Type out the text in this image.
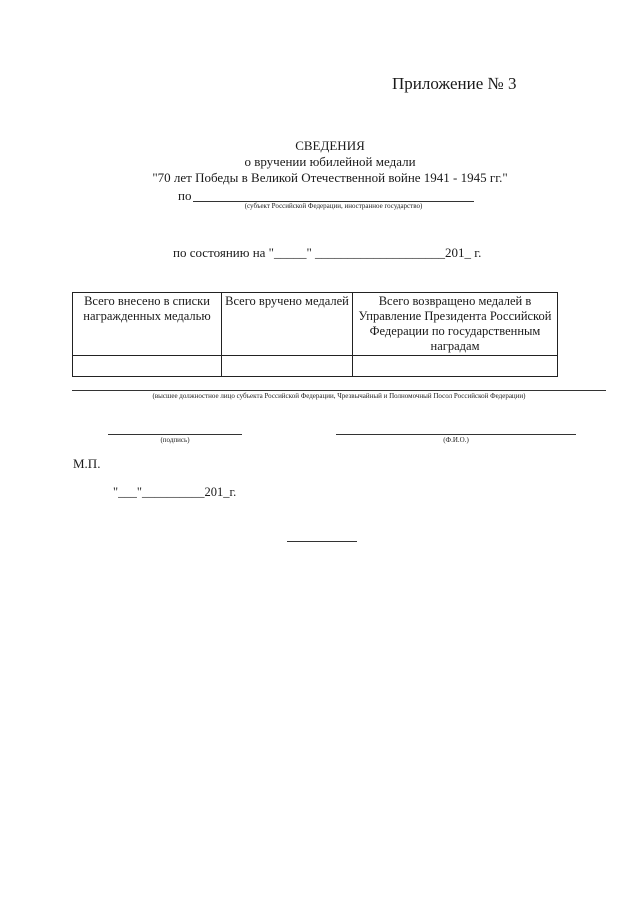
Приложение № 3
СВЕДЕНИЯ
о вручении юбилейной медали
"70 лет Победы в Великой Отечественной войне 1941 - 1945 гг."
по
(субъект Российской Федерации, иностранное государство)
по состоянию на "_____" ____________________201_ г.
Всего внесено в списки награжденных медалью	Всего вручено медалей	Всего возвращено медалей в Управление Президента Российской Федерации по государственным наградам

(высшее должностное лицо субъекта Российской Федерации, Чрезвычайный и Полномочный Посол Российской Федерации)
(подпись)	(Ф.И.О.)
М.П.
"___"__________201_г.
